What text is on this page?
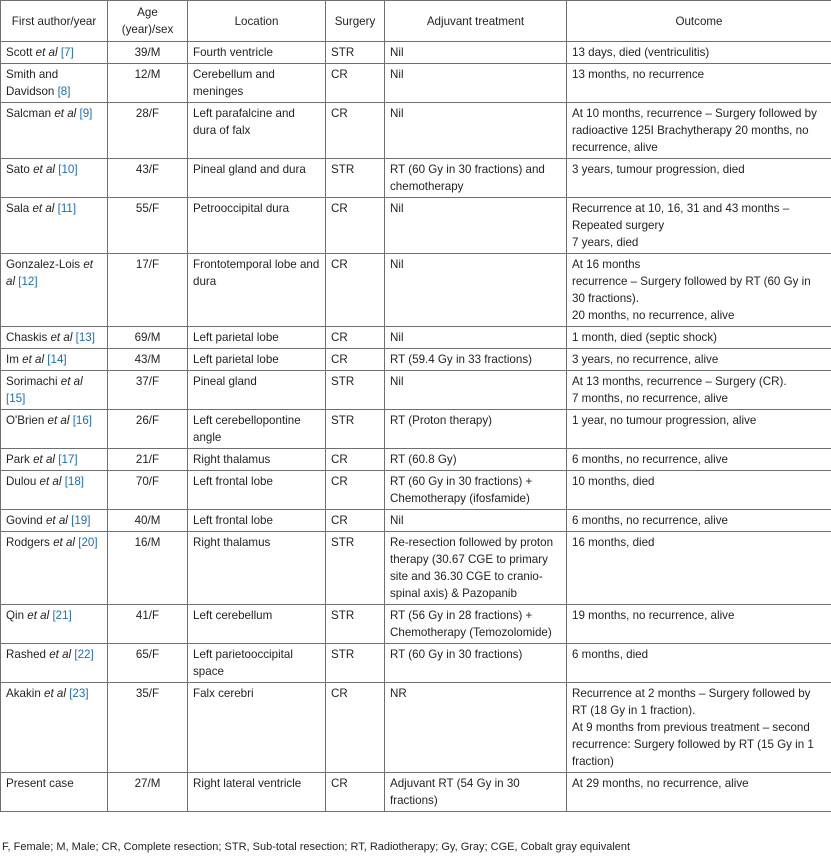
First author/year	Age (year)/sex	Location	Surgery	Adjuvant treatment	Outcome
Scott et al [7]	39/M	Fourth ventricle	STR	Nil	13 days, died (ventriculitis)
Smith and Davidson [8]	12/M	Cerebellum and meninges	CR	Nil	13 months, no recurrence
Salcman et al [9]	28/F	Left parafalcine and dura of falx	CR	Nil	At 10 months, recurrence – Surgery followed by radioactive 125I Brachytherapy 20 months, no recurrence, alive
Sato et al [10]	43/F	Pineal gland and dura	STR	RT (60 Gy in 30 fractions) and chemotherapy	3 years, tumour progression, died
Sala et al [11]	55/F	Petrooccipital dura	CR	Nil	Recurrence at 10, 16, 31 and 43 months – Repeated surgery
7 years, died
Gonzalez-Lois et al [12]	17/F	Frontotemporal lobe and dura	CR	Nil	At 16 months
recurrence – Surgery followed by RT (60 Gy in 30 fractions).
20 months, no recurrence, alive
Chaskis et al [13]	69/M	Left parietal lobe	CR	Nil	1 month, died (septic shock)
Im et al [14]	43/M	Left parietal lobe	CR	RT (59.4 Gy in 33 fractions)	3 years, no recurrence, alive
Sorimachi et al [15]	37/F	Pineal gland	STR	Nil	At 13 months, recurrence – Surgery (CR).
7 months, no recurrence, alive
O'Brien et al [16]	26/F	Left cerebellopontine angle	STR	RT (Proton therapy)	1 year, no tumour progression, alive
Park et al [17]	21/F	Right thalamus	CR	RT (60.8 Gy)	6 months, no recurrence, alive
Dulou et al [18]	70/F	Left frontal lobe	CR	RT (60 Gy in 30 fractions) + Chemotherapy (ifosfamide)	10 months, died
Govind et al [19]	40/M	Left frontal lobe	CR	Nil	6 months, no recurrence, alive
Rodgers et al [20]	16/M	Right thalamus	STR	Re-resection followed by proton therapy (30.67 CGE to primary site and 36.30 CGE to cranio-spinal axis) & Pazopanib	16 months, died
Qin et al [21]	41/F	Left cerebellum	STR	RT (56 Gy in 28 fractions) + Chemotherapy (Temozolomide)	19 months, no recurrence, alive
Rashed et al [22]	65/F	Left parietooccipital space	STR	RT (60 Gy in 30 fractions)	6 months, died
Akakin et al [23]	35/F	Falx cerebri	CR	NR	Recurrence at 2 months – Surgery followed by RT (18 Gy in 1 fraction).
At 9 months from previous treatment – second recurrence: Surgery followed by RT (15 Gy in 1 fraction)
Present case	27/M	Right lateral ventricle	CR	Adjuvant RT (54 Gy in 30 fractions)	At 29 months, no recurrence, alive
F, Female; M, Male; CR, Complete resection; STR, Sub-total resection; RT, Radiotherapy; Gy, Gray; CGE, Cobalt gray equivalent
